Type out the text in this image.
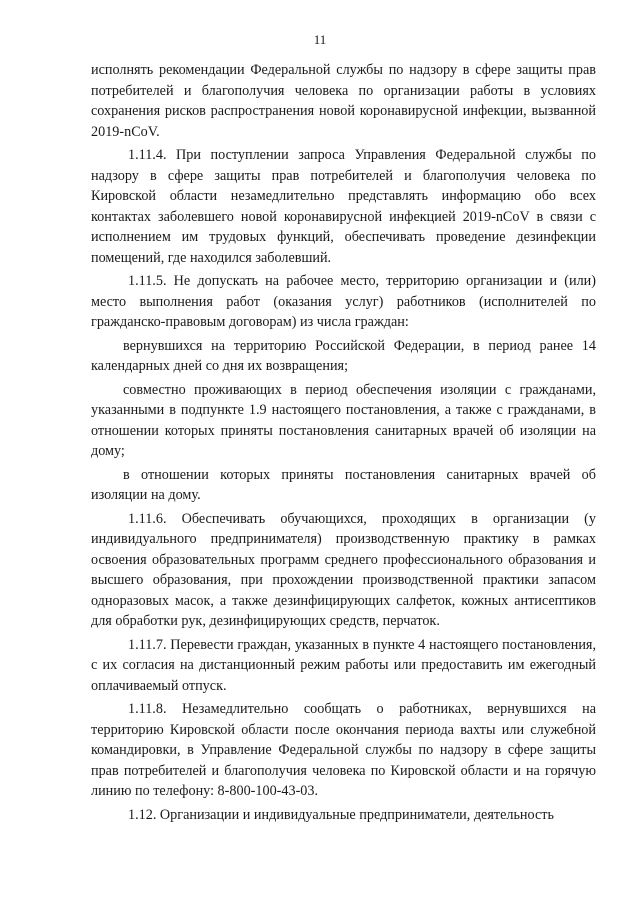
11

исполнять рекомендации Федеральной службы по надзору в сфере защиты прав потребителей и благополучия человека по организации работы в условиях сохранения рисков распространения новой коронавирусной инфекции, вызванной 2019-nCoV.

1.11.4. При поступлении запроса Управления Федеральной службы по надзору в сфере защиты прав потребителей и благополучия человека по Кировской области незамедлительно представлять информацию обо всех контактах заболевшего новой коронавирусной инфекцией 2019-nCoV в связи с исполнением им трудовых функций, обеспечивать проведение дезинфекции помещений, где находился заболевший.

1.11.5. Не допускать на рабочее место, территорию организации и (или) место выполнения работ (оказания услуг) работников (исполнителей по гражданско-правовым договорам) из числа граждан:

вернувшихся на территорию Российской Федерации, в период ранее 14 календарных дней со дня их возвращения;

совместно проживающих в период обеспечения изоляции с гражданами, указанными в подпункте 1.9 настоящего постановления, а также с гражданами, в отношении которых приняты постановления санитарных врачей об изоляции на дому;

в отношении которых приняты постановления санитарных врачей об изоляции на дому.

1.11.6. Обеспечивать обучающихся, проходящих в организации (у индивидуального предпринимателя) производственную практику в рамках освоения образовательных программ среднего профессионального образования и высшего образования, при прохождении производственной практики запасом одноразовых масок, а также дезинфицирующих салфеток, кожных антисептиков для обработки рук, дезинфицирующих средств, перчаток.

1.11.7. Перевести граждан, указанных в пункте 4 настоящего постановления, с их согласия на дистанционный режим работы или предоставить им ежегодный оплачиваемый отпуск.

1.11.8. Незамедлительно сообщать о работниках, вернувшихся на территорию Кировской области после окончания периода вахты или служебной командировки, в Управление Федеральной службы по надзору в сфере защиты прав потребителей и благополучия человека по Кировской области и на горячую линию по телефону: 8-800-100-43-03.

1.12. Организации и индивидуальные предприниматели, деятельность
